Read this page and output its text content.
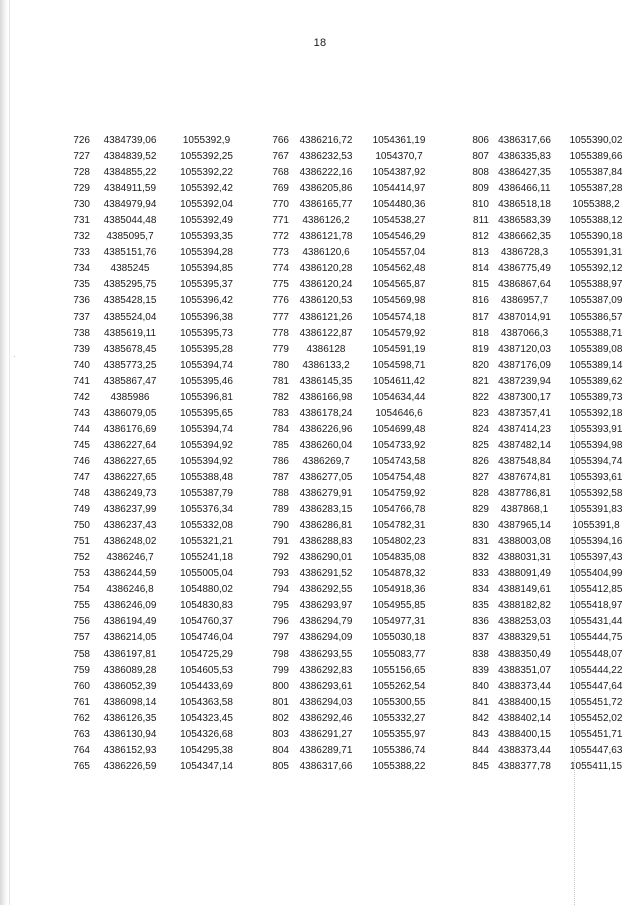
·
18
726	4384739,06	1055392,9
727	4384839,52	1055392,25
728	4384855,22	1055392,22
729	4384911,59	1055392,42
730	4384979,94	1055392,04
731	4385044,48	1055392,49
732	4385095,7	1055393,35
733	4385151,76	1055394,28
734	4385245	1055394,85
735	4385295,75	1055395,37
736	4385428,15	1055396,42
737	4385524,04	1055396,38
738	4385619,11	1055395,73
739	4385678,45	1055395,28
740	4385773,25	1055394,74
741	4385867,47	1055395,46
742	4385986	1055396,81
743	4386079,05	1055395,65
744	4386176,69	1055394,74
745	4386227,64	1055394,92
746	4386227,65	1055394,92
747	4386227,65	1055388,48
748	4386249,73	1055387,79
749	4386237,99	1055376,34
750	4386237,43	1055332,08
751	4386248,02	1055321,21
752	4386246,7	1055241,18
753	4386244,59	1055005,04
754	4386246,8	1054880,02
755	4386246,09	1054830,83
756	4386194,49	1054760,37
757	4386214,05	1054746,04
758	4386197,81	1054725,29
759	4386089,28	1054605,53
760	4386052,39	1054433,69
761	4386098,14	1054363,58
762	4386126,35	1054323,45
763	4386130,94	1054326,68
764	4386152,93	1054295,38
765	4386226,59	1054347,14
766	4386216,72	1054361,19
767	4386232,53	1054370,7
768	4386222,16	1054387,92
769	4386205,86	1054414,97
770	4386165,77	1054480,36
771	4386126,2	1054538,27
772	4386121,78	1054546,29
773	4386120,6	1054557,04
774	4386120,28	1054562,48
775	4386120,24	1054565,87
776	4386120,53	1054569,98
777	4386121,26	1054574,18
778	4386122,87	1054579,92
779	4386128	1054591,19
780	4386133,2	1054598,71
781	4386145,35	1054611,42
782	4386166,98	1054634,44
783	4386178,24	1054646,6
784	4386226,96	1054699,48
785	4386260,04	1054733,92
786	4386269,7	1054743,58
787	4386277,05	1054754,48
788	4386279,91	1054759,92
789	4386283,15	1054766,78
790	4386286,81	1054782,31
791	4386288,83	1054802,23
792	4386290,01	1054835,08
793	4386291,52	1054878,32
794	4386292,55	1054918,36
795	4386293,97	1054955,85
796	4386294,79	1054977,31
797	4386294,09	1055030,18
798	4386293,55	1055083,77
799	4386292,83	1055156,65
800	4386293,61	1055262,54
801	4386294,03	1055300,55
802	4386292,46	1055332,27
803	4386291,27	1055355,97
804	4386289,71	1055386,74
805	4386317,66	1055388,22
806 4386317,66	1055390,02
807 4386335,83	1055389,66
808 4386427,35	1055387,84
809 4386466,11	1055387,28
810 4386518,18	1055388,2
811 4386583,39	1055388,12
812 4386662,35	1055390,18
813	4386728,3	1055391,31
814 4386775,49	1055392,12
815 4386867,64	1055388,97
816	4386957,7	1055387,09
817 4387014,91	1055386,57
818	4387066,3	1055388,71
819 4387120,03	1055389,08
820 4387176,09	1055389,14
821 4387239,94	1055389,62
822 4387300,17	1055389,73
823 4387357,41	1055392,18
824 4387414,23	1055393,91
825 4387482,14	1055394,98
826 4387548,84	1055394,74
827 4387674,81	1055393,61
828 4387786,81	1055392,58
829	4387868,1	1055391,83
830 4387965,14	1055391,8
831 4388003,08	1055394,16
832 4388031,31	1055397,43
833 4388091,49	1055404,99
834 4388149,61	1055412,85
835 4388182,82	1055418,97
836 4388253,03	1055431,44
837 4388329,51	1055444,75
838 4388350,49	1055448,07
839 4388351,07	1055444,22
840 4388373,44	1055447,64
841 4388400,15	1055451,72
842 4388402,14	1055452,02
843 4388400,15	1055451,71
844 4388373,44	1055447,63
845 4388377,78	1055411,15
